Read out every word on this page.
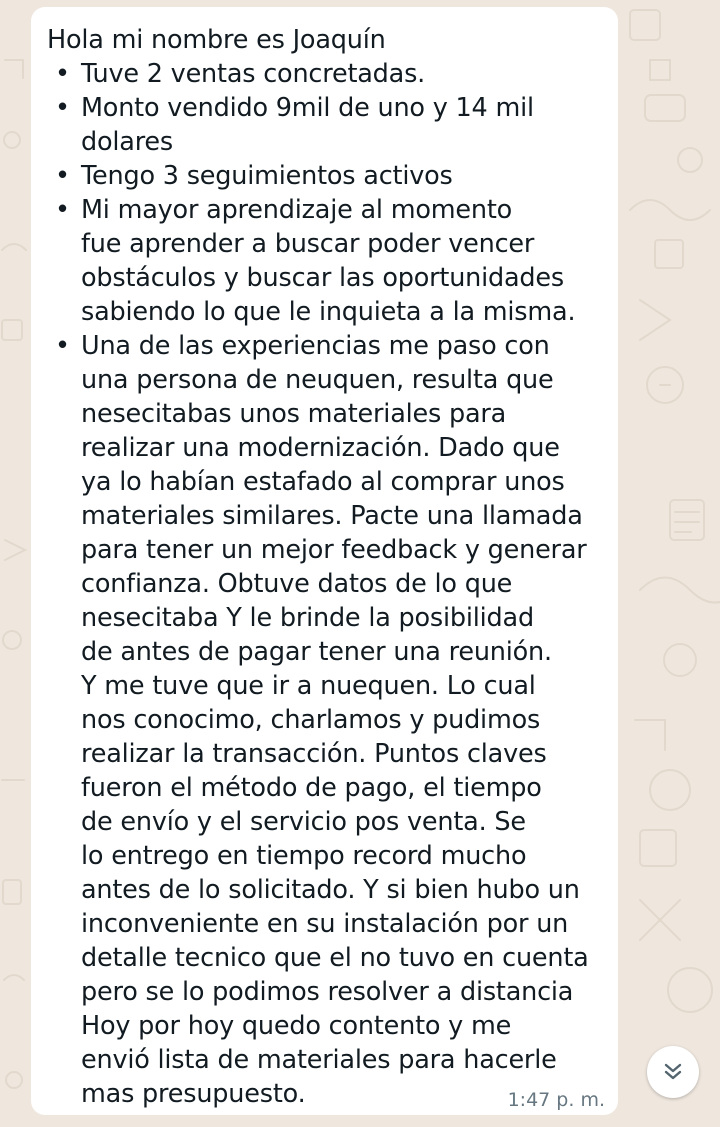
Hola mi nombre es Joaquín
• Tuve 2 ventas concretadas.
• Monto vendido 9mil de uno y 14 mil
dolares
• Tengo 3 seguimientos activos
• Mi mayor aprendizaje al momento
fue aprender a buscar poder vencer
obstáculos y buscar las oportunidades
sabiendo lo que le inquieta a la misma.
• Una de las experiencias me paso con
una persona de neuquen, resulta que
nesecitabas unos materiales para
realizar una modernización. Dado que
ya lo habían estafado al comprar unos
materiales similares. Pacte una llamada
para tener un mejor feedback y generar
confianza. Obtuve datos de lo que
nesecitaba Y le brinde la posibilidad
de antes de pagar tener una reunión.
Y me tuve que ir a nuequen. Lo cual
nos conocimo, charlamos y pudimos
realizar la transacción. Puntos claves
fueron el método de pago, el tiempo
de envío y el servicio pos venta. Se
lo entrego en tiempo record mucho
antes de lo solicitado. Y si bien hubo un
inconveniente en su instalación por un
detalle tecnico que el no tuvo en cuenta
pero se lo podimos resolver a distancia
Hoy por hoy quedo contento y me
envió lista de materiales para hacerle
mas presupuesto.	1:47 p. m.
